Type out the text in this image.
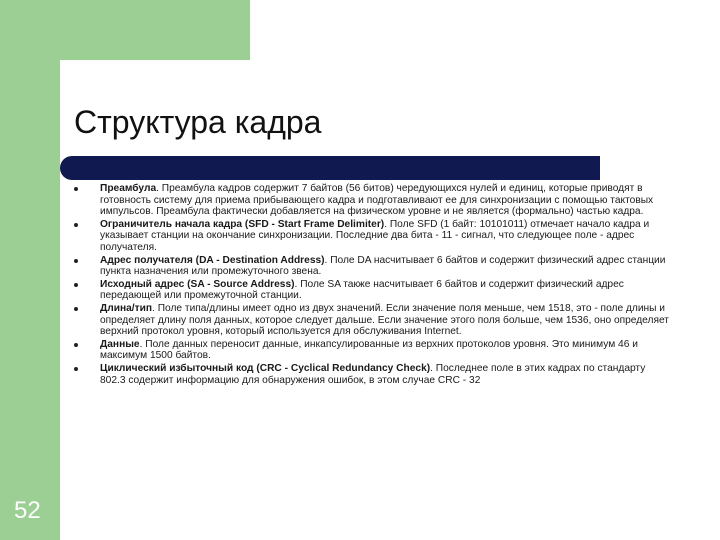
Структура кадра
Преамбула. Преамбула кадров содержит 7 байтов (56 битов) чередующихся нулей и единиц, которые приводят в готовность систему для приема прибывающего кадра и подготавливают ее для синхронизации с помощью тактовых импульсов. Преамбула фактически добавляется на физическом уровне и не является (формально) частью кадра.
Ограничитель начала кадра (SFD - Start Frame Delimiter). Поле SFD (1 байт: 10101011) отмечает начало кадра и указывает станции на окончание синхронизации. Последние два бита - 11 - сигнал, что следующее поле - адрес получателя.
Адрес получателя (DA - Destination Address). Поле DA насчитывает 6 байтов и содержит физический адрес станции пункта назначения или промежуточного звена.
Исходный адрес (SA - Source Address). Поле SA также насчитывает 6 байтов и содержит физический адрес передающей или промежуточной станции.
Длина/тип. Поле типа/длины имеет одно из двух значений. Если значение поля меньше, чем 1518, это - поле длины и определяет длину поля данных, которое следует дальше. Если значение этого поля больше, чем 1536, оно определяет верхний протокол уровня, который используется для обслуживания Internet.
Данные. Поле данных переносит данные, инкапсулированные из верхних протоколов уровня. Это минимум 46 и максимум 1500 байтов.
Циклический избыточный код (CRC - Cyclical Redundancy Check). Последнее поле в этих кадрах по стандарту 802.3 содержит информацию для обнаружения ошибок, в этом случае CRC - 32
52
